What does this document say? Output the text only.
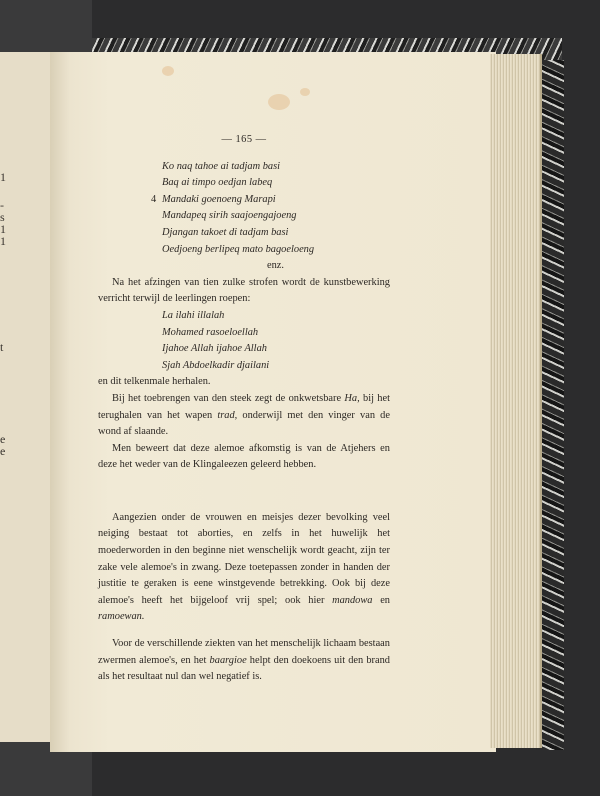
1
-
s
1
1
t
e
e
— 165 —
Ko naq tahoe ai tadjam basi
Baq ai timpo oedjan labeq
4 Mandaki goenoeng Marapi
Mandapeq sirih saajoengajoeng
Djangan takoet di tadjam basi
Oedjoeng berlipeq mato bagoeloeng
enz.
Na het afzingen van tien zulke strofen wordt de kunstbewerking verricht terwijl de leerlingen roepen:
La ilahi illalah
Mohamed rasoeloellah
Ijahoe Allah ijahoe Allah
Sjah Abdoelkadir djailani
en dit telkenmale herhalen.
Bij het toebrengen van den steek zegt de onkwetsbare Ha, bij het terughalen van het wapen trad, onderwijl met den vinger van de wond af slaande.
Men beweert dat deze alemoe afkomstig is van de Atjehers en deze het weder van de Klingaleezen geleerd hebben.
Aangezien onder de vrouwen en meisjes dezer bevolking veel neiging bestaat tot aborties, en zelfs in het huwelijk het moederworden in den beginne niet wenschelijk wordt geacht, zijn ter zake vele alemoe's in zwang. Deze toetepassen zonder in handen der justitie te geraken is eene winstgevende betrekking. Ook bij deze alemoe's heeft het bijgeloof vrij spel; ook hier mandowa en ramoewan.
Voor de verschillende ziekten van het menschelijk lichaam bestaan zwermen alemoe's, en het baargioe helpt den doekoens uit den brand als het resultaat nul dan wel negatief is.
